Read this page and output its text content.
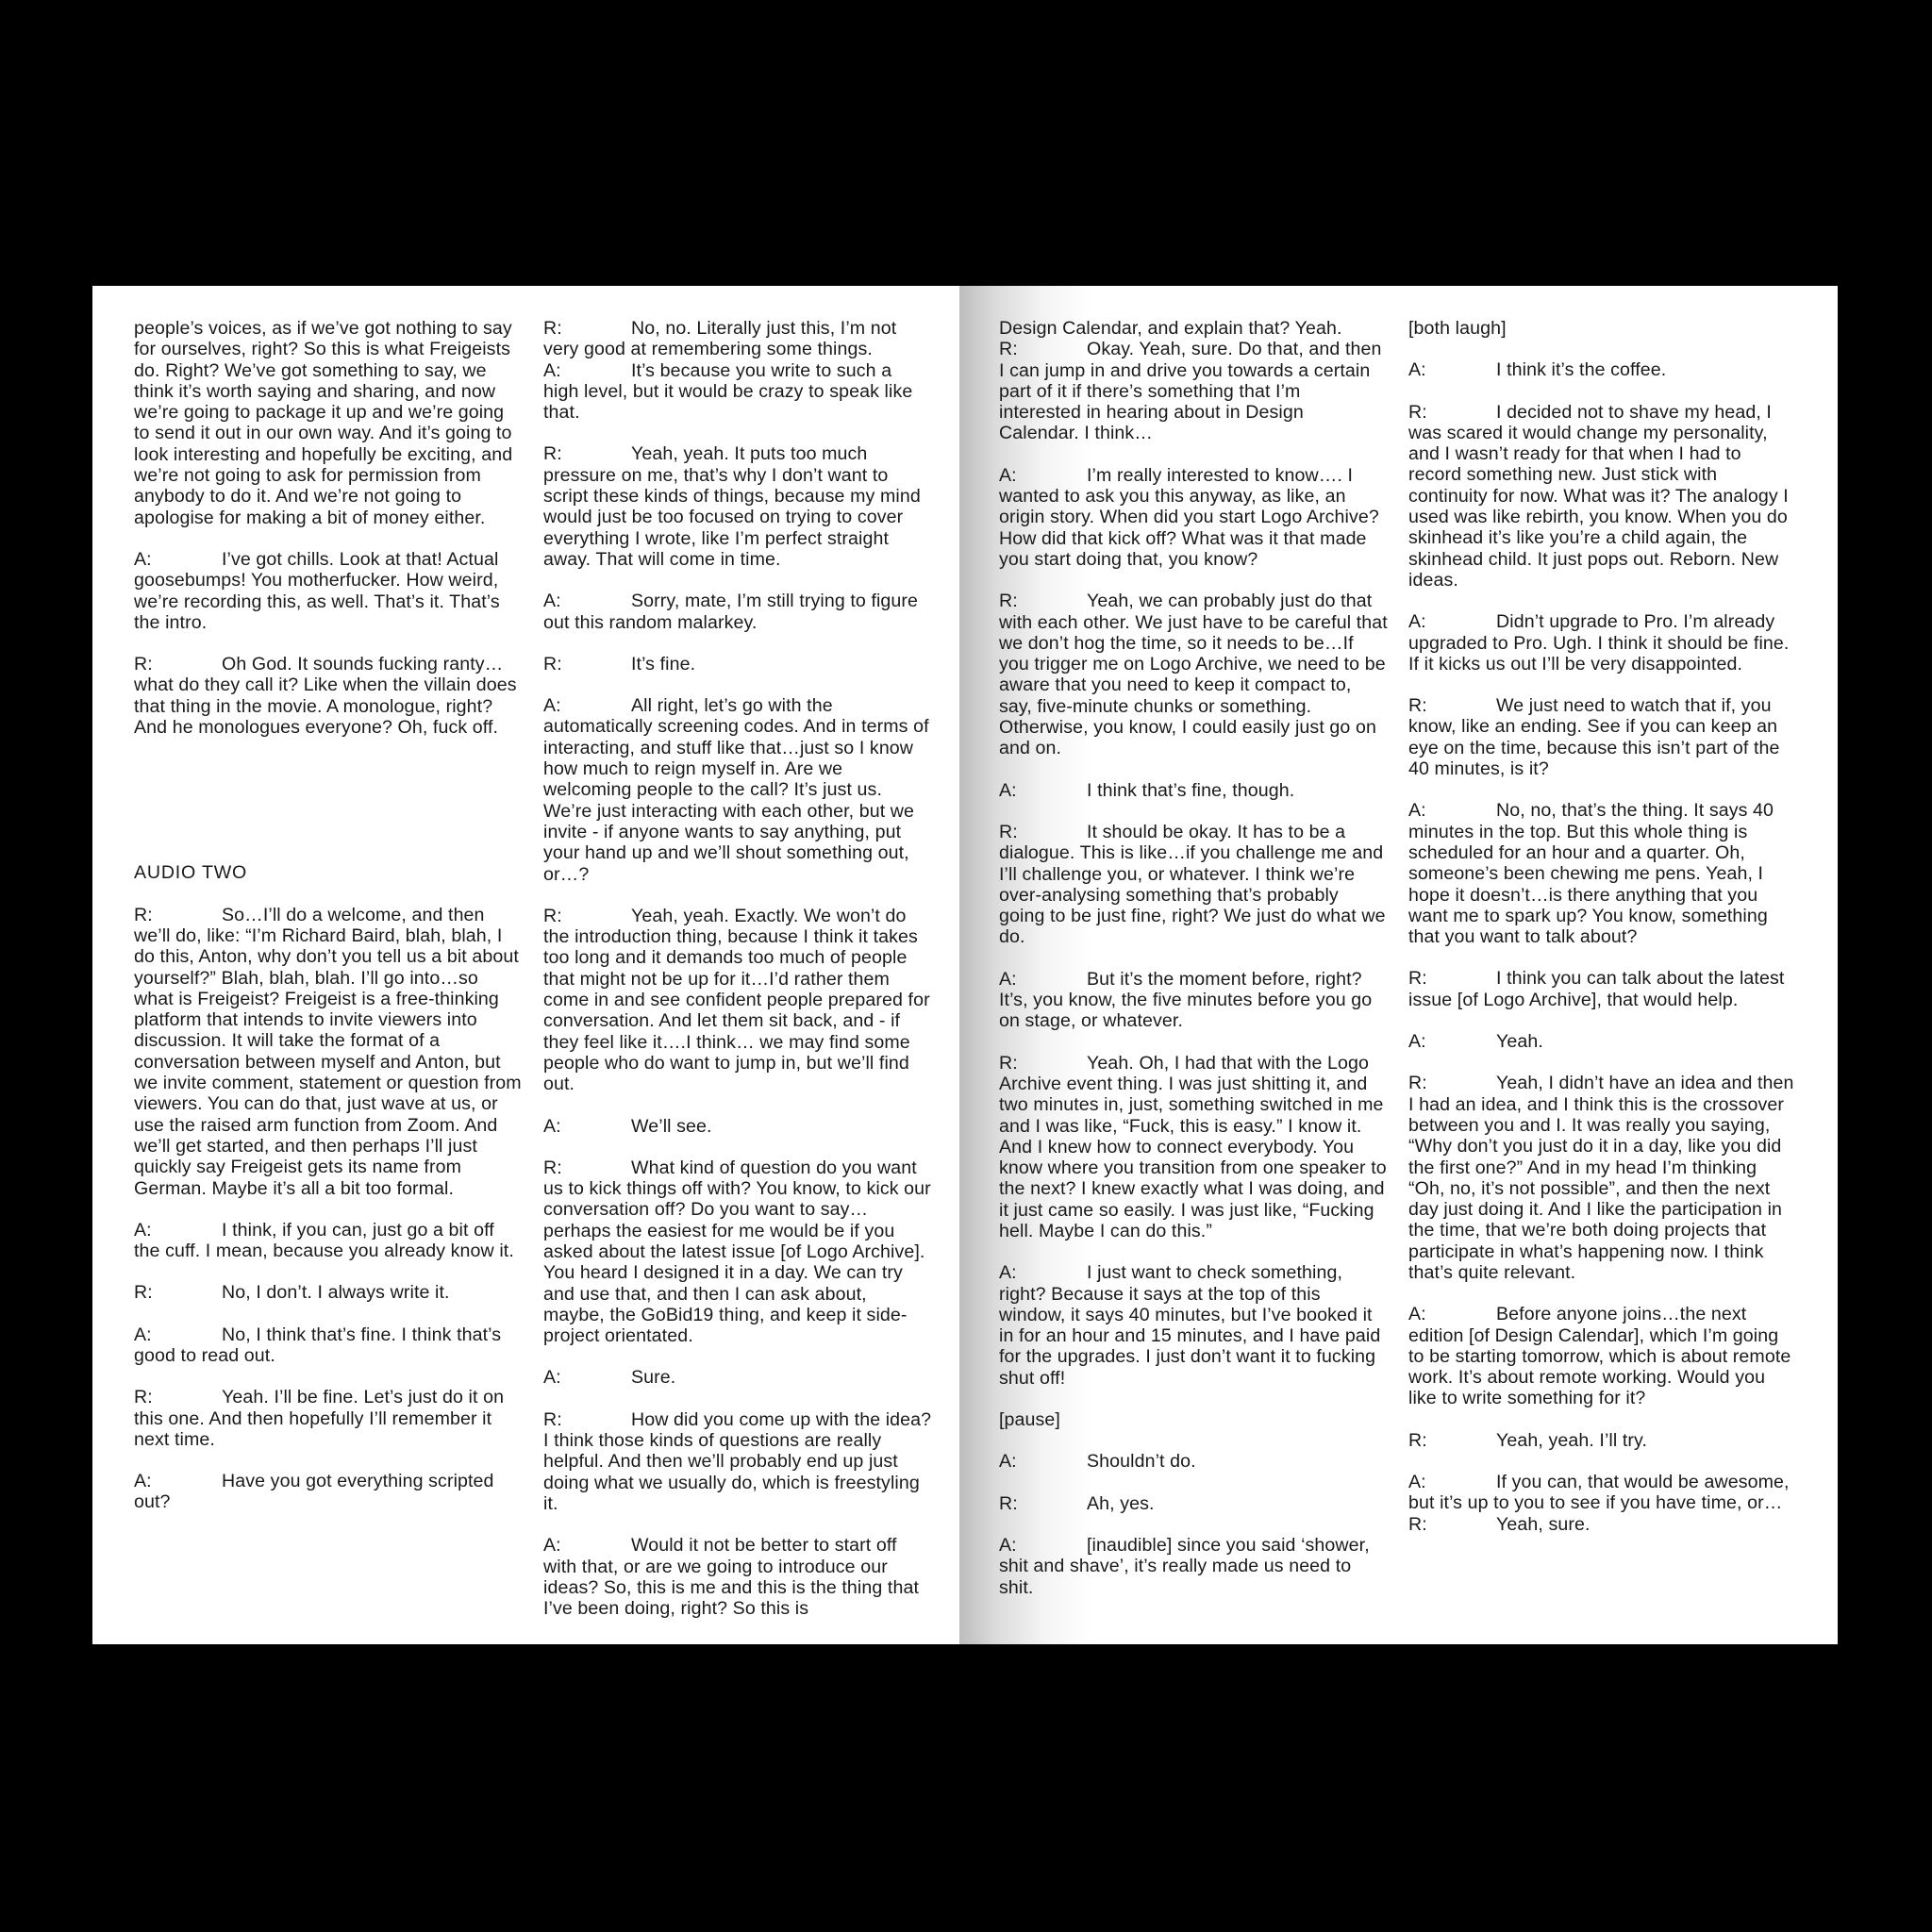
people’s voices, as if we’ve got nothing to say for ourselves, right? So this is what Freigeists do. Right? We’ve got something to say, we think it’s worth saying and sharing, and now we’re going to package it up and we’re going to send it out in our own way. And it’s going to look interesting and hopefully be exciting, and we’re not going to ask for permission from anybody to do it. And we’re not going to apologise for making a bit of money either.
A:	I’ve got chills. Look at that! Actual goosebumps! You motherfucker. How weird, we’re recording this, as well. That’s it. That’s the intro.
R:	Oh God. It sounds fucking ranty…what do they call it? Like when the villain does that thing in the movie. A monologue, right? And he monologues everyone? Oh, fuck off.
AUDIO TWO
R:	So…I’ll do a welcome, and then we’ll do, like: “I’m Richard Baird, blah, blah, I do this, Anton, why don’t you tell us a bit about yourself?” Blah, blah, blah. I’ll go into…so what is Freigeist? Freigeist is a free-thinking platform that intends to invite viewers into discussion. It will take the format of a conversation between myself and Anton, but we invite comment, statement or question from viewers. You can do that, just wave at us, or use the raised arm function from Zoom. And we’ll get started, and then perhaps I’ll just quickly say Freigeist gets its name from German. Maybe it’s all a bit too formal.
A:	I think, if you can, just go a bit off the cuff. I mean, because you already know it.
R:	No, I don’t. I always write it.
A:	No, I think that’s fine. I think that’s good to read out.
R:	Yeah. I’ll be fine. Let’s just do it on this one. And then hopefully I’ll remember it next time.
A:	Have you got everything scripted out?
R:	No, no. Literally just this, I’m not very good at remembering some things.
A:	It’s because you write to such a high level, but it would be crazy to speak like that.
R:	Yeah, yeah. It puts too much pressure on me, that’s why I don’t want to script these kinds of things, because my mind would just be too focused on trying to cover everything I wrote, like I’m perfect straight away. That will come in time.
A:	Sorry, mate, I’m still trying to figure out this random malarkey.
R:	It’s fine.
A:	All right, let’s go with the automatically screening codes. And in terms of interacting, and stuff like that…just so I know how much to reign myself in. Are we welcoming people to the call? It’s just us. We’re just interacting with each other, but we invite - if anyone wants to say anything, put your hand up and we’ll shout something out, or…?
R:	Yeah, yeah. Exactly. We won’t do the introduction thing, because I think it takes too long and it demands too much of people that might not be up for it…I’d rather them come in and see confident people prepared for conversation. And let them sit back, and - if they feel like it….I think… we may find some people who do want to jump in, but we’ll find out.
A:	We’ll see.
R:	What kind of question do you want us to kick things off with? You know, to kick our conversation off? Do you want to say…perhaps the easiest for me would be if you asked about the latest issue [of Logo Archive]. You heard I designed it in a day. We can try and use that, and then I can ask about, maybe, the GoBid19 thing, and keep it side-project orientated.
A:	Sure.
R:	How did you come up with the idea? I think those kinds of questions are really helpful. And then we’ll probably end up just doing what we usually do, which is freestyling it.
A:	Would it not be better to start off with that, or are we going to introduce our ideas? So, this is me and this is the thing that I’ve been doing, right? So this is
Design Calendar, and explain that? Yeah.
R:	Okay. Yeah, sure. Do that, and then I can jump in and drive you towards a certain part of it if there’s something that I’m interested in hearing about in Design Calendar. I think…
A:	I’m really interested to know…. I wanted to ask you this anyway, as like, an origin story. When did you start Logo Archive? How did that kick off? What was it that made you start doing that, you know?
R:	Yeah, we can probably just do that with each other. We just have to be careful that we don’t hog the time, so it needs to be…If you trigger me on Logo Archive, we need to be aware that you need to keep it compact to, say, five-minute chunks or something. Otherwise, you know, I could easily just go on and on.
A:	I think that’s fine, though.
R:	It should be okay. It has to be a dialogue. This is like…if you challenge me and I’ll challenge you, or whatever. I think we’re over-analysing something that’s probably going to be just fine, right? We just do what we do.
A:	But it’s the moment before, right? It’s, you know, the five minutes before you go on stage, or whatever.
R:	Yeah. Oh, I had that with the Logo Archive event thing. I was just shitting it, and two minutes in, just, something switched in me and I was like, “Fuck, this is easy.” I know it. And I knew how to connect everybody. You know where you transition from one speaker to the next? I knew exactly what I was doing, and it just came so easily. I was just like, “Fucking hell. Maybe I can do this.”
A:	I just want to check something, right? Because it says at the top of this window, it says 40 minutes, but I’ve booked it in for an hour and 15 minutes, and I have paid for the upgrades. I just don’t want it to fucking shut off!
[pause]
A:	Shouldn’t do.
R:	Ah, yes.
A:	[inaudible] since you said ‘shower, shit and shave’, it’s really made us need to shit.
[both laugh]
A:	I think it’s the coffee.
R:	I decided not to shave my head, I was scared it would change my personality, and I wasn’t ready for that when I had to record something new. Just stick with continuity for now. What was it? The analogy I used was like rebirth, you know. When you do skinhead it’s like you’re a child again, the skinhead child. It just pops out. Reborn. New ideas.
A:	Didn’t upgrade to Pro. I’m already upgraded to Pro. Ugh. I think it should be fine. If it kicks us out I’ll be very disappointed.
R:	We just need to watch that if, you know, like an ending. See if you can keep an eye on the time, because this isn’t part of the 40 minutes, is it?
A:	No, no, that’s the thing. It says 40 minutes in the top. But this whole thing is scheduled for an hour and a quarter. Oh, someone’s been chewing me pens. Yeah, I hope it doesn’t…is there anything that you want me to spark up? You know, something that you want to talk about?
R:	I think you can talk about the latest issue [of Logo Archive], that would help.
A:	Yeah.
R:	Yeah, I didn’t have an idea and then I had an idea, and I think this is the crossover between you and I. It was really you saying, “Why don’t you just do it in a day, like you did the first one?” And in my head I’m thinking “Oh, no, it’s not possible”, and then the next day just doing it. And I like the participation in the time, that we’re both doing projects that participate in what’s happening now. I think that’s quite relevant.
A:	Before anyone joins…the next edition [of Design Calendar], which I’m going to be starting tomorrow, which is about remote work. It’s about remote working. Would you like to write something for it?
R:	Yeah, yeah. I’ll try.
A:	If you can, that would be awesome, but it’s up to you to see if you have time, or…
R:	Yeah, sure.
